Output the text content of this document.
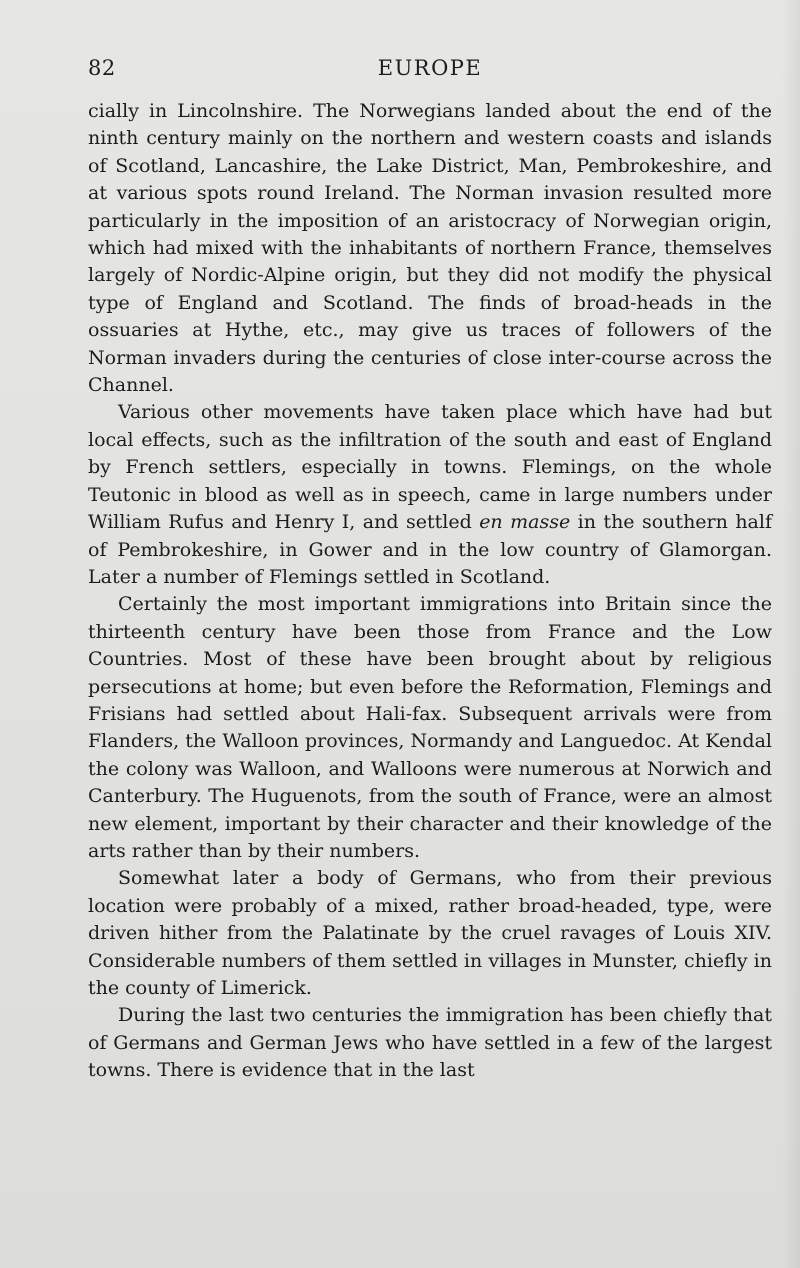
82	EUROPE

cially in Lincolnshire. The Norwegians landed about the end of the ninth century mainly on the northern and western coasts and islands of Scotland, Lancashire, the Lake District, Man, Pembrokeshire, and at various spots round Ireland. The Norman invasion resulted more particularly in the imposition of an aristocracy of Norwegian origin, which had mixed with the inhabitants of northern France, themselves largely of Nordic-Alpine origin, but they did not modify the physical type of England and Scotland. The finds of broad-heads in the ossuaries at Hythe, etc., may give us traces of followers of the Norman invaders during the centuries of close inter-course across the Channel.

Various other movements have taken place which have had but local effects, such as the infiltration of the south and east of England by French settlers, especially in towns. Flemings, on the whole Teutonic in blood as well as in speech, came in large numbers under William Rufus and Henry I, and settled en masse in the southern half of Pembrokeshire, in Gower and in the low country of Glamorgan. Later a number of Flemings settled in Scotland.

Certainly the most important immigrations into Britain since the thirteenth century have been those from France and the Low Countries. Most of these have been brought about by religious persecutions at home; but even before the Reformation, Flemings and Frisians had settled about Hali-fax. Subsequent arrivals were from Flanders, the Walloon provinces, Normandy and Languedoc. At Kendal the colony was Walloon, and Walloons were numerous at Norwich and Canterbury. The Huguenots, from the south of France, were an almost new element, important by their character and their knowledge of the arts rather than by their numbers.

Somewhat later a body of Germans, who from their previous location were probably of a mixed, rather broad-headed, type, were driven hither from the Palatinate by the cruel ravages of Louis XIV. Considerable numbers of them settled in villages in Munster, chiefly in the county of Limerick.

During the last two centuries the immigration has been chiefly that of Germans and German Jews who have settled in a few of the largest towns. There is evidence that in the last
